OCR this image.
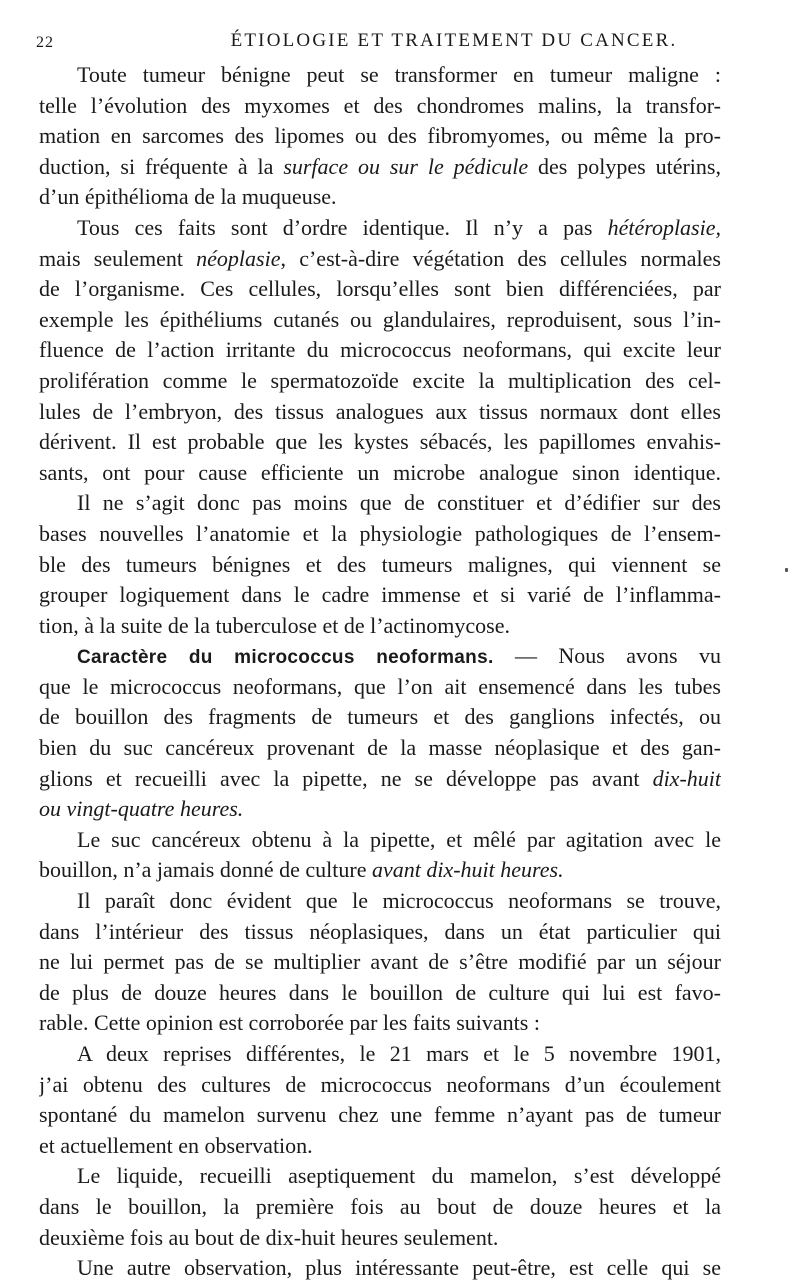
22	ÉTIOLOGIE ET TRAITEMENT DU CANCER.
Toute tumeur bénigne peut se transformer en tumeur maligne :
telle l’évolution des myxomes et des chondromes malins, la transfor-
mation en sarcomes des lipomes ou des fibromyomes, ou même la pro-
duction, si fréquente à la surface ou sur le pédicule des polypes utérins,
d’un épithélioma de la muqueuse.
Tous ces faits sont d’ordre identique. Il n’y a pas hétéroplasie,
mais seulement néoplasie, c’est-à-dire végétation des cellules normales
de l’organisme. Ces cellules, lorsqu’elles sont bien différenciées, par
exemple les épithéliums cutanés ou glandulaires, reproduisent, sous l’in-
fluence de l’action irritante du micrococcus neoformans, qui excite leur
prolifération comme le spermatozoïde excite la multiplication des cel-
lules de l’embryon, des tissus analogues aux tissus normaux dont elles
dérivent. Il est probable que les kystes sébacés, les papillomes envahis-
sants, ont pour cause efficiente un microbe analogue sinon identique.
Il ne s’agit donc pas moins que de constituer et d’édifier sur des
bases nouvelles l’anatomie et la physiologie pathologiques de l’ensem-
ble des tumeurs bénignes et des tumeurs malignes, qui viennent se
grouper logiquement dans le cadre immense et si varié de l’inflamma-
tion, à la suite de la tuberculose et de l’actinomycose.
Caractère du micrococcus neoformans. — Nous avons vu
que le micrococcus neoformans, que l’on ait ensemencé dans les tubes
de bouillon des fragments de tumeurs et des ganglions infectés, ou
bien du suc cancéreux provenant de la masse néoplasique et des gan-
glions et recueilli avec la pipette, ne se développe pas avant dix-huit
ou vingt-quatre heures.
Le suc cancéreux obtenu à la pipette, et mêlé par agitation avec le
bouillon, n’a jamais donné de culture avant dix-huit heures.
Il paraît donc évident que le micrococcus neoformans se trouve,
dans l’intérieur des tissus néoplasiques, dans un état particulier qui
ne lui permet pas de se multiplier avant de s’être modifié par un séjour
de plus de douze heures dans le bouillon de culture qui lui est favo-
rable. Cette opinion est corroborée par les faits suivants :
A deux reprises différentes, le 21 mars et le 5 novembre 1901,
j’ai obtenu des cultures de micrococcus neoformans d’un écoulement
spontané du mamelon survenu chez une femme n’ayant pas de tumeur
et actuellement en observation.
Le liquide, recueilli aseptiquement du mamelon, s’est développé
dans le bouillon, la première fois au bout de douze heures et la
deuxième fois au bout de dix-huit heures seulement.
Une autre observation, plus intéressante peut-être, est celle qui se
